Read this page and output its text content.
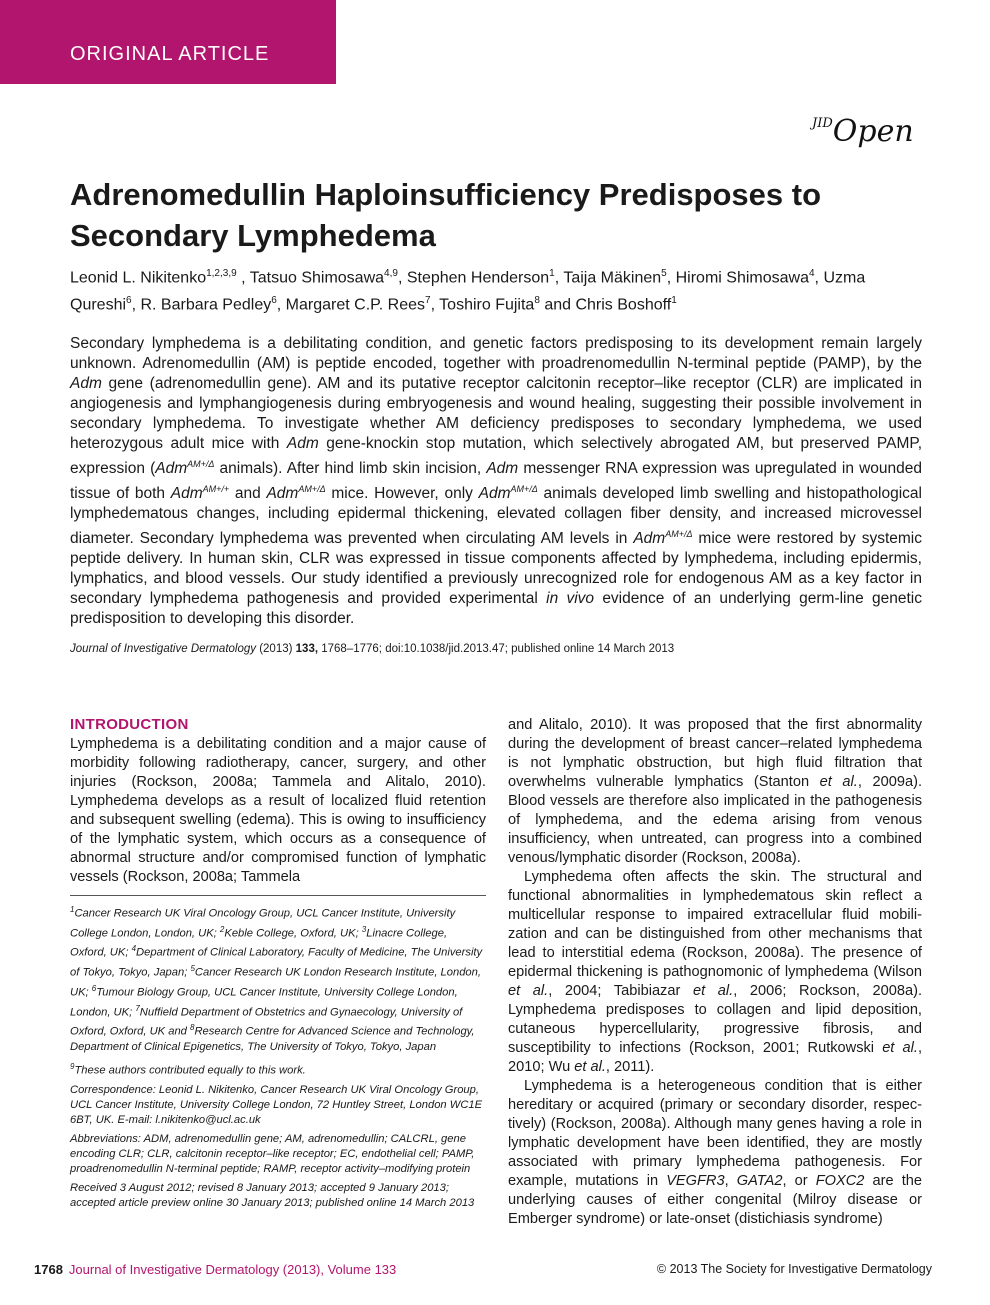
ORIGINAL ARTICLE
$^{JID}$Open
Adrenomedullin Haploinsufficiency Predisposes to Secondary Lymphedema
Leonid L. Nikitenko$^{1,2,3,9}$ , Tatsuo Shimosawa$^{4,9}$, Stephen Henderson$^1$, Taija Mäkinen$^5$, Hiromi Shimosawa$^4$, Uzma Qureshi$^6$, R. Barbara Pedley$^6$, Margaret C.P. Rees$^7$, Toshiro Fujita$^8$ and Chris Boshoff$^1$

Secondary lymphedema is a debilitating condition, and genetic factors predisposing to its development remain largely unknown. Adrenomedullin (AM) is peptide encoded, together with proadrenomedullin N-terminal peptide (PAMP), by the Adm gene (adrenomedullin gene). AM and its putative receptor calcitonin receptor–like receptor (CLR) are implicated in angiogenesis and lymphangiogenesis during embryogenesis and wound healing, suggesting their possible involvement in secondary lymphedema. To investigate whether AM deficiency predisposes to secondary lymphedema, we used heterozygous adult mice with Adm gene-knockin stop mutation, which selectively abrogated AM, but preserved PAMP, expression (Adm$^{AM+/\Delta}$ animals). After hind limb skin incision, Adm messenger RNA expression was upregulated in wounded tissue of both Adm$^{AM+/+}$ and Adm$^{AM+/\Delta}$ mice. However, only Adm$^{AM+/\Delta}$ animals developed limb swelling and histopathological lymphedematous changes, including epidermal thickening, elevated collagen fiber density, and increased microvessel diameter. Secondary lymphedema was prevented when circulating AM levels in Adm$^{AM+/\Delta}$ mice were restored by systemic peptide delivery. In human skin, CLR was expressed in tissue components affected by lymphedema, including epidermis, lymphatics, and blood vessels. Our study identified a previously unrecognized role for endogenous AM as a key factor in secondary lymphedema pathogenesis and provided experimental in vivo evidence of an underlying germ-line genetic predisposition to developing this disorder.

Journal of Investigative Dermatology (2013) 133, 1768–1776; doi:10.1038/jid.2013.47; published online 14 March 2013
INTRODUCTION

Lymphedema is a debilitating condition and a major cause of morbidity following radiotherapy, cancer, surgery, and other injuries (Rockson, 2008a; Tammela and Alitalo, 2010). Lymphedema develops as a result of localized fluid retention and subsequent swelling (edema). This is owing to insufficiency of the lymphatic system, which occurs as a consequence of abnormal structure and/or compromised function of lymphatic vessels (Rockson, 2008a; Tammela

$^1$Cancer Research UK Viral Oncology Group, UCL Cancer Institute, University College London, London, UK; $^2$Keble College, Oxford, UK; $^3$Linacre College, Oxford, UK; $^4$Department of Clinical Laboratory, Faculty of Medicine, The University of Tokyo, Tokyo, Japan; $^5$Cancer Research UK London Research Institute, London, UK; $^6$Tumour Biology Group, UCL Cancer Institute, University College London, London, UK; $^7$Nuffield Department of Obstetrics and Gynaecology, University of Oxford, Oxford, UK and $^8$Research Centre for Advanced Science and Technology, Department of Clinical Epigenetics, The University of Tokyo, Tokyo, Japan

$^9$These authors contributed equally to this work.

Correspondence: Leonid L. Nikitenko, Cancer Research UK Viral Oncology Group, UCL Cancer Institute, University College London, 72 Huntley Street, London WC1E 6BT, UK. E-mail: l.nikitenko@ucl.ac.uk

Abbreviations: ADM, adrenomedullin gene; AM, adrenomedullin; CALCRL, gene encoding CLR; CLR, calcitonin receptor–like receptor; EC, endothelial cell; PAMP, proadrenomedullin N-terminal peptide; RAMP, receptor activity–modifying protein

Received 3 August 2012; revised 8 January 2013; accepted 9 January 2013; accepted article preview online 30 January 2013; published online 14 March 2013

and Alitalo, 2010). It was proposed that the first abnormality during the development of breast cancer–related lymphedema is not lymphatic obstruction, but high fluid filtration that overwhelms vulnerable lymphatics (Stanton et al., 2009a). Blood vessels are therefore also implicated in the pathogenesis of lymphedema, and the edema arising from venous insufficiency, when untreated, can progress into a combined venous/lymphatic disorder (Rockson, 2008a).

Lymphedema often affects the skin. The structural and functional abnormalities in lymphedematous skin reflect a multicellular response to impaired extracellular fluid mobili- zation and can be distinguished from other mechanisms that lead to interstitial edema (Rockson, 2008a). The presence of epidermal thickening is pathognomonic of lymphedema (Wilson et al., 2004; Tabibiazar et al., 2006; Rockson, 2008a). Lymphedema predisposes to collagen and lipid deposition, cutaneous hypercellularity, progressive fibrosis, and susceptibility to infections (Rockson, 2001; Rutkowski et al., 2010; Wu et al., 2011).

Lymphedema is a heterogeneous condition that is either hereditary or acquired (primary or secondary disorder, respec- tively) (Rockson, 2008a). Although many genes having a role in lymphatic development have been identified, they are mostly associated with primary lymphedema pathogenesis. For example, mutations in VEGFR3, GATA2, or FOXC2 are the underlying causes of either congenital (Milroy disease or Emberger syndrome) or late-onset (distichiasis syndrome)

1768 Journal of Investigative Dermatology (2013), Volume 133	© 2013 The Society for Investigative Dermatology
